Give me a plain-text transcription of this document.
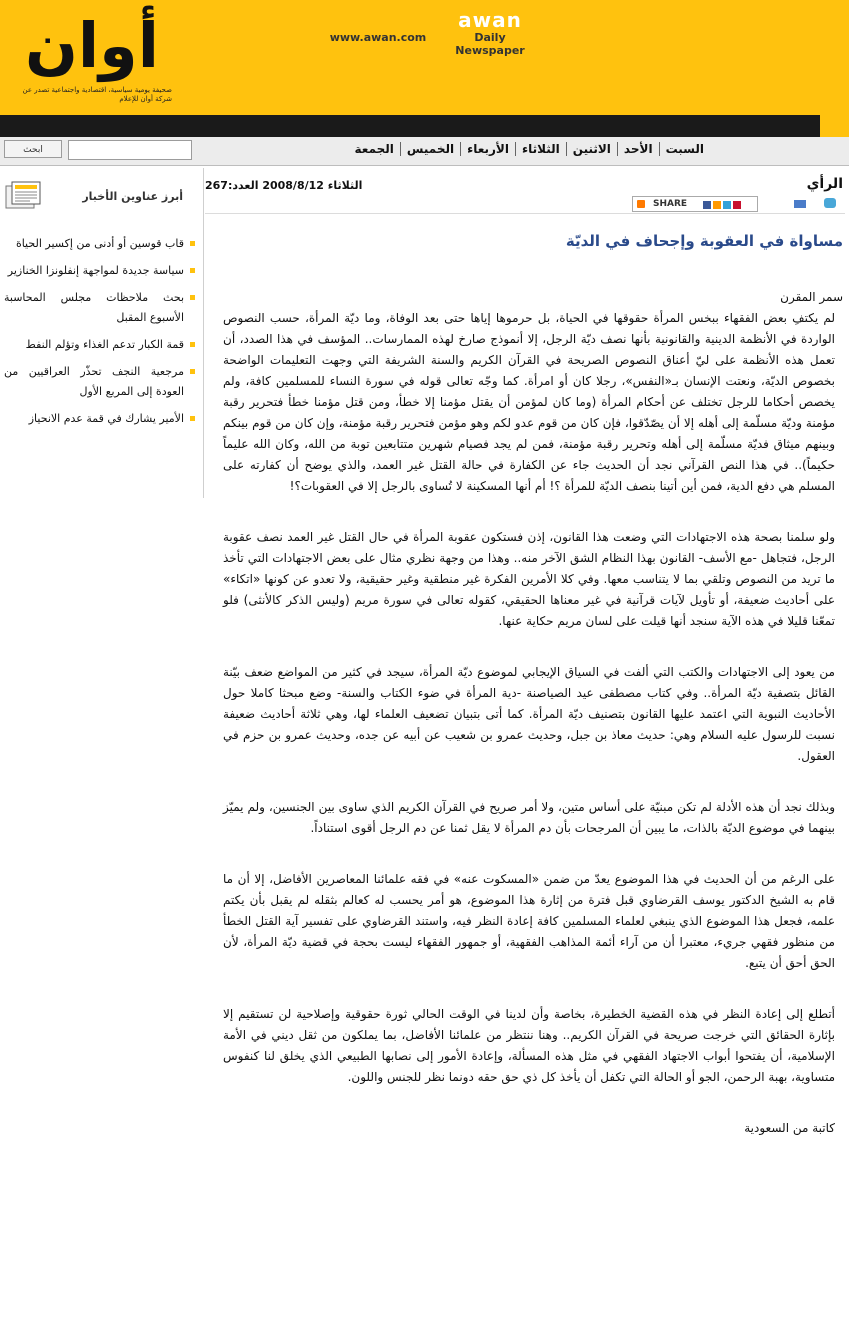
أوان
صحيفة يومية سياسية، اقتصادية واجتماعية تصدر عن شركة أوان للإعلام
awan
www.awan.com	Daily Newspaper
ابحث	السبتالأحدالاثنينالثلاثاءالأربعاءالخميسالجمعة
أبرز عناوين الأخبار
قاب قوسين أو أدنى من إكسير الحياة
سياسة جديدة لمواجهة إنفلونزا الخنازير
بحث ملاحظات مجلس المحاسبة الأسبوع المقبل
قمة الكبار تدعم الغذاء وتؤلم النفط
مرجعية النجف تحذّر العراقيين من العودة إلى المربع الأول
الأمير يشارك في قمة عدم الانحياز
الرأي
الثلاثاء 2008/8/12 العدد:267
SHARE
مساواة في العقوبة وإجحاف في الديّة
سمر المقرن

لم يكتفِ بعض الفقهاء ببخس المرأة حقوقها في الحياة، بل حرموها إياها حتى بعد الوفاة، وما ديّة المرأة، حسب النصوص الواردة في الأنظمة الدينية والقانونية بأنها نصف ديّة الرجل، إلا أنموذج صارخ لهذه الممارسات.. المؤسف في هذا الصدد، أن تعمل هذه الأنظمة على ليّ أعناق النصوص الصريحة في القرآن الكريم والسنة الشريفة التي وجهت التعليمات الواضحة بخصوص الديّة، ونعتت الإنسان بـ«النفس»، رجلا كان أو امرأة. كما وجّه تعالى قوله في سورة النساء للمسلمين كافة، ولم يخصص أحكاما للرجل تختلف عن أحكام المرأة (وما كان لمؤمن أن يقتل مؤمنا إلا خطأ، ومن قتل مؤمنا خطأ فتحرير رقبة مؤمنة وديّة مسلّمة إلى أهله إلا أن يصّدّقوا، فإن كان من قوم عدو لكم وهو مؤمن فتحرير رقبة مؤمنة، وإن كان من قوم بينكم وبينهم ميثاق فديّة مسلّمة إلى أهله وتحرير رقبة مؤمنة، فمن لم يجد فصيام شهرين متتابعين توبة من الله، وكان الله عليماً حكيماً).. في هذا النص القرآني نجد أن الحديث جاء عن الكفارة في حالة القتل غير العمد، والذي يوضح أن كفارته على المسلم هي دفع الدية، فمن أين أتينا بنصف الديّة للمرأة ؟! أم أنها المسكينة لا تُساوى بالرجل إلا في العقوبات؟!

ولو سلمنا بصحة هذه الاجتهادات التي وضعت هذا القانون، إذن فستكون عقوبة المرأة في حال القتل غير العمد نصف عقوبة الرجل، فتجاهل -مع الأسف- القانون بهذا النظام الشق الآخر منه.. وهذا من وجهة نظري مثال على بعض الاجتهادات التي تأخذ ما تريد من النصوص وتلقي بما لا يتناسب معها. وفي كلا الأمرين الفكرة غير منطقية وغير حقيقية، ولا تعدو عن كونها «اتكاء» على أحاديث ضعيفة، أو تأويل لآيات قرآنية في غير معناها الحقيقي، كقوله تعالى في سورة مريم (وليس الذكر كالأنثى) فلو تمعّنا قليلا في هذه الآية سنجد أنها قيلت على لسان مريم حكاية عنها.

من يعود إلى الاجتهادات والكتب التي ألفت في السياق الإيجابي لموضوع ديّة المرأة، سيجد في كثير من المواضع ضعف بيّنة القائل بتصفية ديّة المرأة.. وفي كتاب مصطفى عيد الصياصنة -دية المرأة في ضوء الكتاب والسنة- وضع مبحثا كاملا حول الأحاديث النبوية التي اعتمد عليها القانون بتصنيف ديّة المرأة. كما أتى بتبيان تضعيف العلماء لها، وهي ثلاثة أحاديث ضعيفة نسبت للرسول عليه السلام وهي: حديث معاذ بن جبل، وحديث عمرو بن شعيب عن أبيه عن جده، وحديث عمرو بن حزم في العقول.

وبذلك نجد أن هذه الأدلة لم تكن مبنيّة على أساس متين، ولا أمر صريح في القرآن الكريم الذي ساوى بين الجنسين، ولم يميّز بينهما في موضوع الديّة بالذات، ما يبين أن المرجحات بأن دم المرأة لا يقل ثمنا عن دم الرجل أقوى استناداً.

على الرغم من أن الحديث في هذا الموضوع يعدّ من ضمن «المسكوت عنه» في فقه علمائنا المعاصرين الأفاضل، إلا أن ما قام به الشيخ الدكتور يوسف القرضاوي قبل فترة من إثارة هذا الموضوع، هو أمر يحسب له كعالم بثقله لم يقبل بأن يكتم علمه، فجعل هذا الموضوع الذي ينبغي لعلماء المسلمين كافة إعادة النظر فيه، واستند القرضاوي على تفسير آية القتل الخطأ من منظور فقهي جريء، معتبرا أن من آراء أئمة المذاهب الفقهية، أو جمهور الفقهاء ليست بحجة في قضية ديّة المرأة، لأن الحق أحق أن يتبع.

أتطلع إلى إعادة النظر في هذه القضية الخطيرة، بخاصة وأن لدينا في الوقت الحالي ثورة حقوقية وإصلاحية لن تستقيم إلا بإثارة الحقائق التي خرجت صريحة في القرآن الكريم.. وهنا ننتظر من علمائنا الأفاضل، بما يملكون من ثقل ديني في الأمة الإسلامية، أن يفتحوا أبواب الاجتهاد الفقهي في مثل هذه المسألة، وإعادة الأمور إلى نصابها الطبيعي الذي يخلق لنا كنفوس متساوية، بهبة الرحمن، الجو أو الحالة التي تكفل أن يأخذ كل ذي حق حقه دونما نظر للجنس واللون.

كاتبة من السعودية
